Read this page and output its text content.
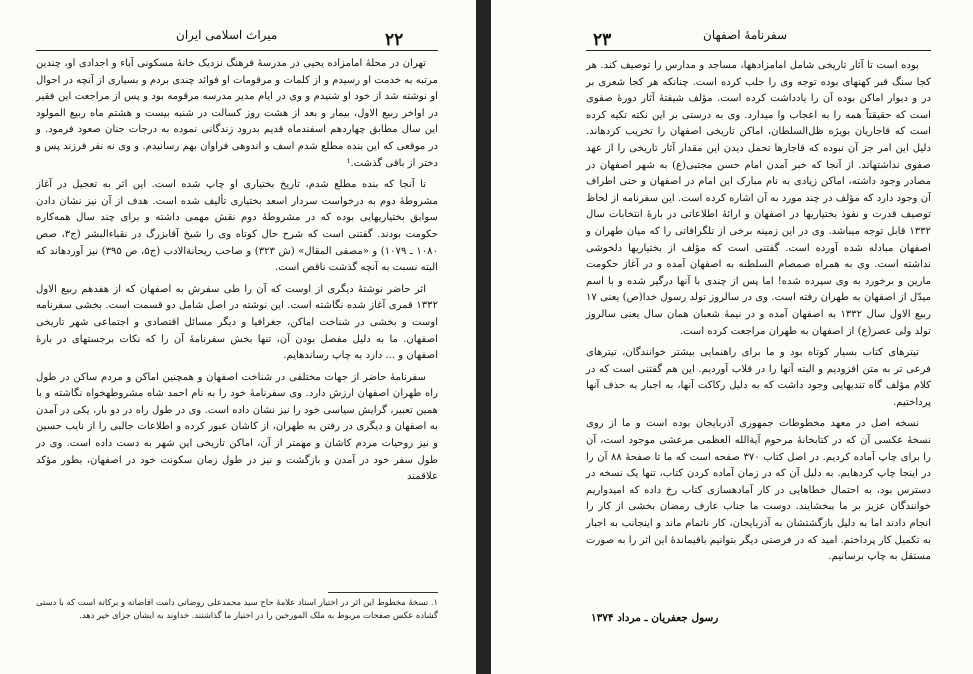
۲۲
میراث اسلامی ایران

تهران در محلهٔ امامزاده یحیی در مدرسهٔ فرهنگ نزدیک خانهٔ مسکونی آباء و اجدادی او، چندین مرتبه به خدمت او رسیدم و از کلمات و مرقومات او فوائد چندی بردم و بسیاری از آنچه در احوال او نوشته شد از خود او شنیدم و وی در ایام مدیر مدرسه مرقومه بود و پس از مراجعت این فقیر در اواخر ربیع الاول، بیمار و بعد از هشت روز کسالت در شنبه بیست و هشتم ماه ربیع المولود این سال مطابق چهاردهم اسفندماه قدیم بدرود زندگانی نموده به درجات جنان صعود فرمود. و در موقعی که این بنده مطلع شدم اسف و اندوهی فراوان بهم رسانیدم. و وی نه نفر فرزند پس و دختر از باقی گذشت.¹

تا آنجا که بنده مطلع شدم، تاریخ بختیاری او چاپ شده است. این اثر به تعجیل در آغاز مشروطهٔ دوم به درخواست سردار اسعد بختیاری تألیف شده است. هدف از آن نیز نشان دادن سوابق بختیاریهایی بوده که در مشروطهٔ دوم نقش مهمی داشته و برای چند سال همه‌کاره حکومت بودند. گفتنی است که شرح حال کوتاه وی را شیخ آقابزرگ در نقباءالبشر (ج۳، صص ۱۰۸۰ ـ ۱۰۷۹) و «مصفی المقال» (ش ۳۲۳) و صاحب ریحانةالادب (ج۵، ص ۳۹۵) نیز آوردهاند که البته نسبت به آنچه گذشت ناقص است.

اثر حاضر نوشتهٔ دیگری از اوست که آن را طی سفرش به اصفهان که از هفدهم ربیع الاول ۱۳۳۲ قمری آغاز شده نگاشته است. این نوشته در اصل شامل دو قسمت است. بخشی سفرنامه اوست و بخشی در شناخت اماکن، جغرافیا و دیگر مسائل اقتصادی و اجتماعی شهر تاریخی اصفهان. ما به دلیل مفصل بودن آن، تنها بخش سفرنامهٔ آن را که نکات برجستهای در بارهٔ اصفهان و ... دارد به چاپ رساندهایم.

سفرنامهٔ حاضر از جهات مختلفی در شناخت اصفهان و همچنین اماکن و مردم ساکن در طول راه طهران اصفهان ارزش دارد. وی سفرنامهٔ خود را به نام احمد شاه مشروطهخواه نگاشته و با همین تعبیر، گرایش سیاسی خود را نیز نشان داده است. وی در طول راه در دو بار، یکی در آمدن به اصفهان و دیگری در رفتن به طهران، از کاشان عبور کرده و اطلاعات جالبی را از نایب حسین و نیز روحیات مردم کاشان و مهمتر از آن، اماکن تاریخی این شهر به دست داده است. وی در طول سفر خود در آمدن و بازگشت و نیز در طول زمان سکونت خود در اصفهان، بطور مؤکد علاقمند

۱. نسخهٔ مخطوط این اثر در اختیار استاد علامهٔ حاج سید محمدعلی روضاتی دامت افاضاته و برکاته است که با دستی گشاده عکس صفحات مربوط به ملک المورخین را در اختیار ما گذاشتند. خداوند به ایشان جزای خیر دهد.
۲۳	سفرنامهٔ اصفهان

بوده است تا آثار تاریخی شامل امامزادهها، مساجد و مدارس را توصیف کند. هر کجا سنگ قبر کهنهای بوده توجه وی را جلب کرده است. چنانکه هر کجا شعری بر در و دیوار اماکن بوده آن را یادداشت کرده است. مؤلف شیفتهٔ آثار دورهٔ صفوی است که حقیقتاً همه را به اعجاب وا میدارد. وی به درستی بر این نکته تکیه کرده است که قاجاریان بویژه ظل‌السلطان، اماکن تاریخی اصفهان را تخریب کردهاند. دلیل این امر جز آن نبوده که قاجارها تحمل دیدن این مقدار آثار تاریخی را از عهد صفوی نداشتهاند. از آنجا که خبر آمدن امام حسن مجتبی(ع) به شهر اصفهان در مصادر وجود داشته، اماکن زیادی به نام مبارک این امام در اصفهان و حتی اطراف آن وجود دارد که مؤلف در چند مورد به آن اشاره کرده است. این سفرنامه از لحاظ توصیف قدرت و نفوذ بختیاریها در اصفهان و ارائهٔ اطلاعاتی در بارهٔ انتخابات سال ۱۳۳۲ قابل توجه میباشد. وی در این زمینه برخی از تلگرافاتی را که میان طهران و اصفهان مبادله شده آورده است. گفتنی است که مؤلف از بختیاریها دلخوشی نداشته است. وی به همراه صمصام السلطنه به اصفهان آمده و در آغاز حکومت مارین و برخورد به وی سپرده شده! اما پس از چندی با آنها درگیر شده و با اسم میدّل از اصفهان به طهران رفته است. وی در سالروز تولد رسول خدا(ص) یعنی ۱۷ ربیع الاول سال ۱۳۳۲ به اصفهان آمده و در نیمهٔ شعبان همان سال یعنی سالروز تولد ولی عصر(ع) از اصفهان به طهران مراجعت کرده است.

تیترهای کتاب بسیار کوتاه بود و ما برای راهنمایی بیشتر خوانندگان، تیترهای فرعی تر به متن افزودیم و البته آنها را در قلاب آوردیم. این هم گفتنی است که در کلام مؤلف گاه تندیهایی وجود داشت که به دلیل رکاکت آنها، به اجبار به حذف آنها پرداختیم.

نسخه اصل در معهد مخطوطات جمهوری آذربایجان بوده است و ما از روی نسخهٔ عکسی آن که در کتابخانهٔ مرحوم آیةالله العظمی مرعشی موجود است، آن را برای چاپ آماده کردیم. در اصل کتاب ۳۷۰ صفحه است که ما تا صفحهٔ ۸۸ آن را در اینجا چاپ کردهایم. به دلیل آن که در زمان آماده کردن کتاب، تنها یک نسخه در دسترس بود، به احتمال خطاهایی در کار آمادهسازی کتاب رخ داده که امیدواریم خوانندگان عزیز بر ما ببخشایند. دوست ما جناب عارف رمضان بخشی از کار را انجام دادند اما به دلیل بازگشتشان به آذربایجان، کار ناتمام ماند و اینجانب به اجبار به تکمیل کار پرداختم. امید که در فرصتی دیگر بتوانیم باقیماندهٔ این اثر را به صورت مستقل به چاپ برسانیم.

رسول جعفریان ـ مرداد ۱۳۷۴
